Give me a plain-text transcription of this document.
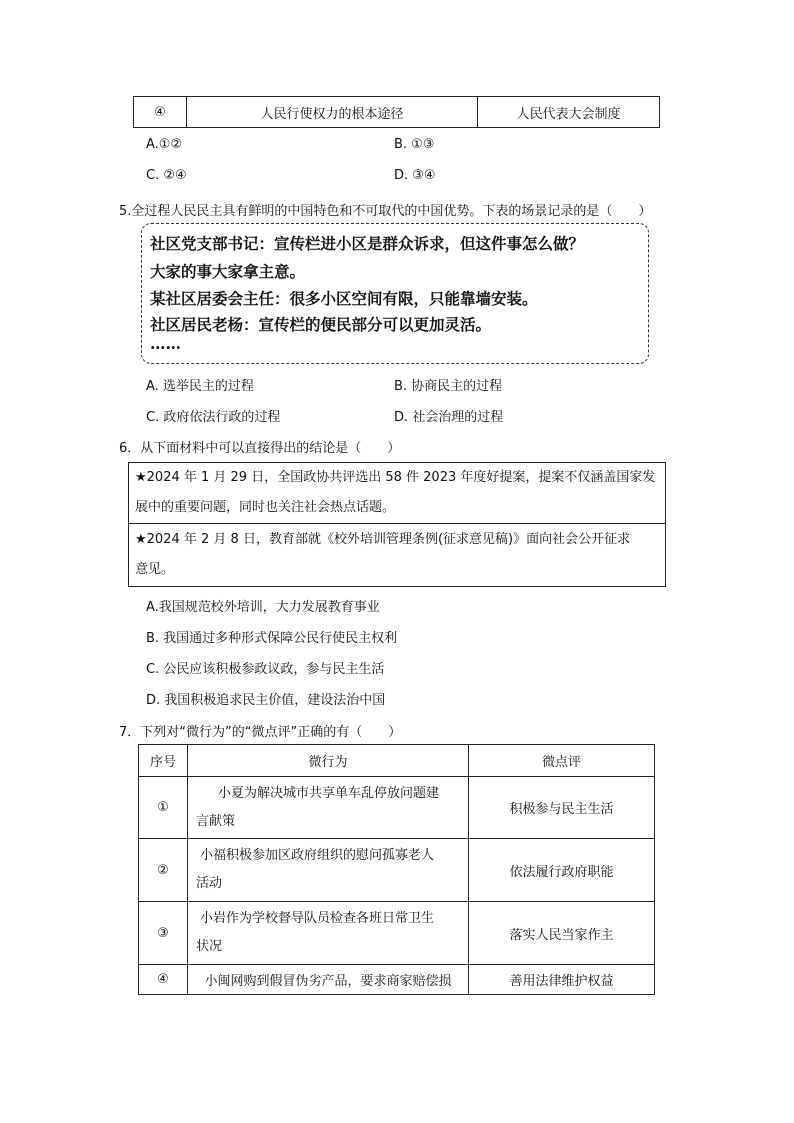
④	人民行使权力的根本途径	人民代表大会制度
A.①②	B. ①③
C. ②④	D. ③④
5.全过程人民民主具有鲜明的中国特色和不可取代的中国优势。下表的场景记录的是（　　）
社区党支部书记：宣传栏进小区是群众诉求，但这件事怎么做？
大家的事大家拿主意。
某社区居委会主任：很多小区空间有限，只能靠墙安装。
社区居民老杨：宣传栏的便民部分可以更加灵活。
……
A. 选举民主的过程	B. 协商民主的过程
C. 政府依法行政的过程	D. 社会治理的过程
6．从下面材料中可以直接得出的结论是（　　）
★2024 年 1 月 29 日，全国政协共评选出 58 件 2023 年度好提案，提案不仅涵盖国家发
展中的重要问题，同时也关注社会热点话题。

★2024 年 2 月 8 日，教育部就《校外培训管理条例(征求意见稿)》面向社会公开征求
意见。
A.我国规范校外培训，大力发展教育事业
B. 我国通过多种形式保障公民行使民主权利
C. 公民应该积极参政议政，参与民主生活
D. 我国积极追求民主价值，建设法治中国
7．下列对“微行为”的“微点评”正确的有（　　）
序号	微行为	微点评
①	小夏为解决城市共享单车乱停放问题建
言献策	积极参与民主生活
②	小福积极参加区政府组织的慰问孤寡老人
活动	依法履行政府职能
③	小岩作为学校督导队员检查各班日常卫生
状况	落实人民当家作主
④	小闽网购到假冒伪劣产品，要求商家赔偿损	善用法律维护权益
